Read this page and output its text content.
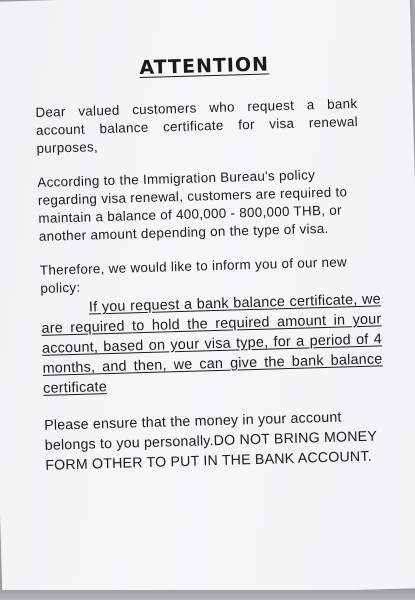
ATTENTION
Dear valued customers who request a bank account balance certificate for visa renewal purposes,
According to the Immigration Bureau's policy regarding visa renewal, customers are required to maintain a balance of 400,000 - 800,000 THB, or another amount depending on the type of visa.
Therefore, we would like to inform you of our new policy:
If you request a bank balance certificate, we are required to hold the required amount in your account, based on your visa type, for a period of 4 months, and then, we can give the bank balance certificate
Please ensure that the money in your account belongs to you personally.DO NOT BRING MONEY FORM OTHER TO PUT IN THE BANK ACCOUNT.
